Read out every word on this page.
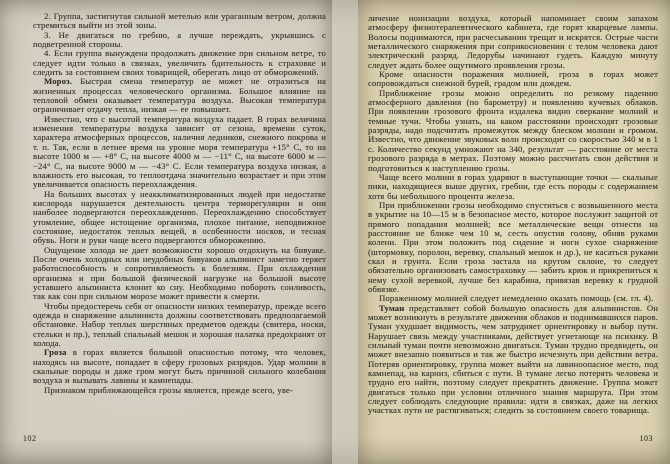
2. Группа, застигнутая сильной метелью или ураганным ветром, должна стремиться выйти из этой зоны.

3. Не двигаться по гребню, а лучше переждать, укрывшись с подветренной стороны.

4. Если группа вынуждена продолжать движение при сильном ветре, то следует идти только в связках, увеличить бдительность к страховке и следить за состоянием своих товарищей, оберегать лицо от обморожений.

Мороз. Быстрая смена температур не может не отразиться на жизненных процессах человеческого организма. Большое влияние на тепловой обмен оказывает температура воздуха. Высокая температура ограничивает отдачу тепла, низкая — ее повышает.

Известно, что с высотой температура воздуха падает. В горах величина изменения температуры воздуха зависит от сезона, времени суток, характера атмосферных процессов, наличия ледников, снежного покрова и т. п. Так, если в летнее время на уровне моря температура +15° С, то на высоте 1000 м — +8° С, на высоте 4000 м — −11° С, на высоте 6000 м — −24° С, на высоте 9000 м — −43° С. Если температура воздуха низкая, а влажность его высокая, то теплоотдача значительно возрастает и при этом увеличивается опасность переохлаждения.

На больших высотах у неакклиматизированных людей при недостатке кислорода нарушается деятельность центра терморегуляции и они наиболее подвергаются переохлаждению. Переохлаждению способствует утомление, общее истощение организма, плохое питание, неподвижное состояние, недостаток теплых вещей, в особенности носков, и тесная обувь. Ноги и руки чаще всего подвергаются обморожению.

Ощущение холода не дает возможности хорошо отдохнуть на бивуаке. После очень холодных или неудобных бивуаков альпинист заметно теряет работоспособность и сопротивляемость к болезням. При охлаждении организма и при большой физической нагрузке на большой высоте уставшего альпиниста клонит ко сну. Необходимо побороть сонливость, так как сон при сильном морозе может привести к смерти.

Чтобы предостеречь себя от опасности низких температур, прежде всего одежда и снаряжение альпиниста должны соответствовать предполагаемой обстановке. Набор теплых шерстяных предметов одежды (свитера, носки, стельки и пр.), теплый спальный мешок и хорошая палатка предохранят от холода.

Гроза в горах является большой опасностью потому, что человек, находясь на высоте, попадает в сферу грозовых разрядов. Удар молнии в скальные породы и даже гром могут быть причиной сильного колебания воздуха и вызывать лавины и камнепады.

Признаком приближающейся грозы является, прежде всего, уве-

102

личение ионизации воздуха, который напоминает своим запахом атмосферу физиотерапевтического кабинета, где горят кварцевые лампы. Волосы поднимаются, при расчесывании трещат и искрятся. Острые части металлического снаряжения при соприкосновении с телом человека дают электрический разряд. Ледорубы начинают гудеть. Каждую минуту следует ждать более ощутимого проявления грозы.

Кроме опасности поражения молнией, гроза в горах может сопровождаться снежной бурей, градом или дождем.

Приближение грозы можно определить по резкому падению атмосферного давления (по барометру) и появлению кучевых облаков. При появлении грозового фронта издалека видно сверкание молний и темные тучи. Чтобы узнать, на каком расстоянии происходят грозовые разряды, надо подсчитать промежуток между блеском молнии и громом. Известно, что движение звуковых волн происходит со скоростью 340 м в 1 с. Количество секунд умножают на 340, результат — расстояние от места грозового разряда в метрах. Поэтому можно рассчитать свои действия и подготовиться к наступлению грозы.

Чаще всего молнии в горах ударяют в выступающие точки — скальные пики, находящиеся выше других, гребни, где есть породы с содержанием хотя бы небольшого процента железа.

При приближении грозы необходимо спуститься с возвышенного места в укрытие на 10—15 м в безопасное место, которое послужит защитой от прямого попадания молнией; все металлические вещи отнести на расстояние не ближе чем 10 м, сесть опустив голову, обняв руками колени. При этом положить под сидение и ноги сухое снаряжение (штормовку, поролон, веревку, спальный мешок и др.), не касаться руками скал и грунта. Если гроза застала на крутом склоне, то следует обязательно организовать самостраховку — забить крюк и прикрепиться к нему сухой веревкой, лучше без карабина, привязав веревку к грудной обвязке.

Пораженному молнией следует немедленно оказать помощь (см. гл. 4).

Туман представляет собой большую опасность для альпинистов. Он может возникнуть в результате движения облаков и поднимавшихся паров. Туман ухудшает видимость, чем затрудняет ориентировку и выбор пути. Нарушает связь между участниками, действует угнетающе на психику. В сильный туман почти невозможно двигаться. Туман трудно предвидеть, он может внезапно появиться и так же быстро исчезнуть при действии ветра. Потеряв ориентировку, группа может выйти на лавиноопасное место, под камнепад, на карниз, сбиться с пути. В тумане легко потерять человека и трудно его найти, поэтому следует прекратить движение. Группа может двигаться только при условии отличного знания маршрута. При этом следует соблюдать следующие правила: идти в связках, даже на легких участках пути не растягиваться; следить за состоянием своего товарища.

103
